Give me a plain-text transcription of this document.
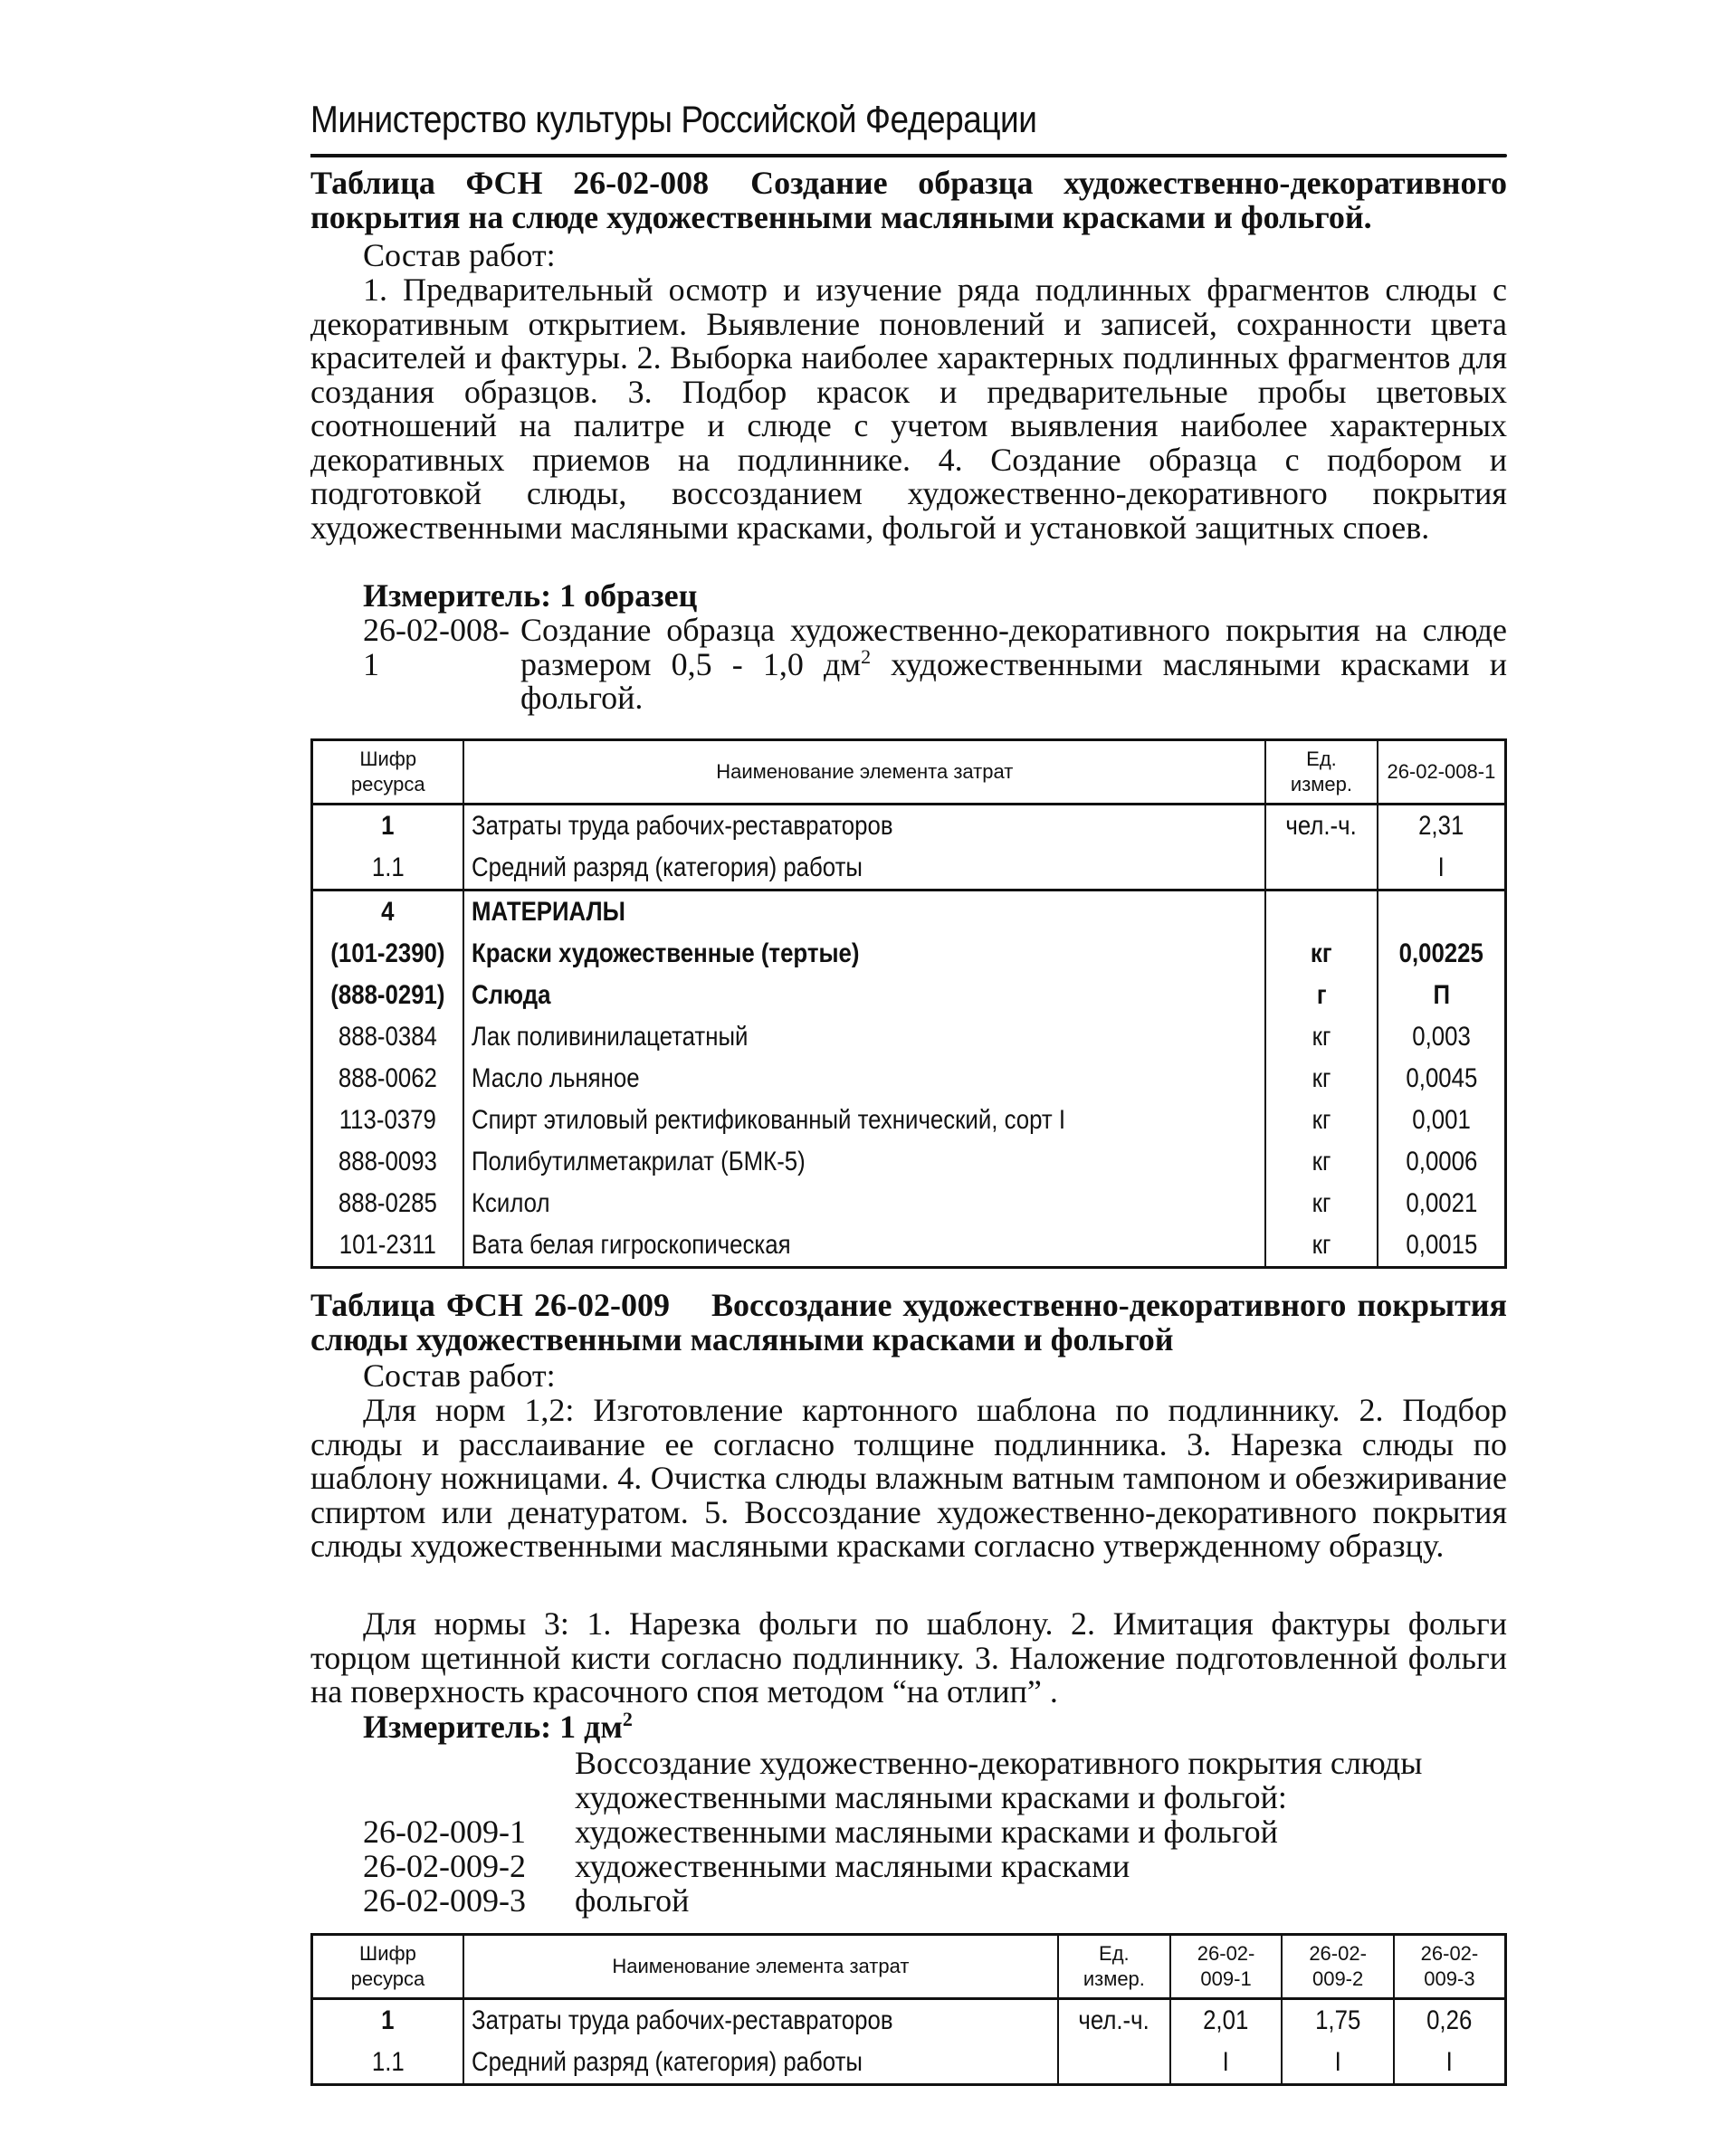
Министерство культуры Российской Федерации
Таблица ФСН 26-02-008 Создание образца художественно-декоративного покрытия на слюде художественными масляными красками и фольгой.
Состав работ:
1. Предварительный осмотр и изучение ряда подлинных фрагментов слюды с декоративным открытием. Выявление поновлений и записей, сохранности цвета красителей и фактуры. 2. Выборка наиболее характерных подлинных фрагментов для создания образцов. 3. Подбор красок и предварительные пробы цветовых соотношений на палитре и слюде с учетом выявления наиболее характерных декоративных приемов на подлиннике. 4. Создание образца с подбором и подготовкой слюды, воссозданием художественно-декоративного покрытия художественными масляными красками, фольгой и установкой защитных споев.
Измеритель: 1 образец
26-02-008-1
Создание образца художественно-декоративного покрытия на слюде размером 0,5 - 1,0 $дм^2$ художественными масляными красками и фольгой.
Шифр ресурса	Наименование элемента затрат	Ед. измер.	26-02-008-1
1	Затраты труда рабочих-реставраторов	чел.-ч.	2,31
1.1	Средний разряд (категория) работы		I
4	МАТЕРИАЛЫ		
(101-2390)	Краски художественные (тертые)	кг	0,00225
(888-0291)	Слюда	г	П
888-0384	Лак поливинилацетатный	кг	0,003
888-0062	Масло льняное	кг	0,0045
113-0379	Спирт этиловый ректификованный технический, сорт I	кг	0,001
888-0093	Полибутилметакрилат (БМК-5)	кг	0,0006
888-0285	Ксилол	кг	0,0021
101-2311	Вата белая гигроскопическая	кг	0,0015
Таблица ФСН 26-02-009 Воссоздание художественно-декоративного покрытия слюды художественными масляными красками и фольгой
Состав работ:
Для норм 1,2: Изготовление картонного шаблона по подлиннику. 2. Подбор слюды и расслаивание ее согласно толщине подлинника. 3. Нарезка слюды по шаблону ножницами. 4. Очистка слюды влажным ватным тампоном и обезжиривание спиртом или денатуратом. 5. Воссоздание художественно-декоративного покрытия слюды художественными масляными красками согласно утвержденному образцу.
Для нормы 3: 1. Нарезка фольги по шаблону. 2. Имитация фактуры фольги торцом щетинной кисти согласно подлиннику. 3. Наложение подготовленной фольги на поверхность красочного споя методом “на отлип” .
Измеритель: 1 $дм^2$
Воссоздание художественно-декоративного покрытия слюды художественными масляными красками и фольгой:
26-02-009-1	художественными масляными красками и фольгой
26-02-009-2	художественными масляными красками
26-02-009-3	фольгой
Шифр ресурса	Наименование элемента затрат	Ед. измер.	26-02-009-1	26-02-009-2	26-02-009-3
1	Затраты труда рабочих-реставраторов	чел.-ч.	2,01	1,75	0,26
1.1	Средний разряд (категория) работы		I	I	I
